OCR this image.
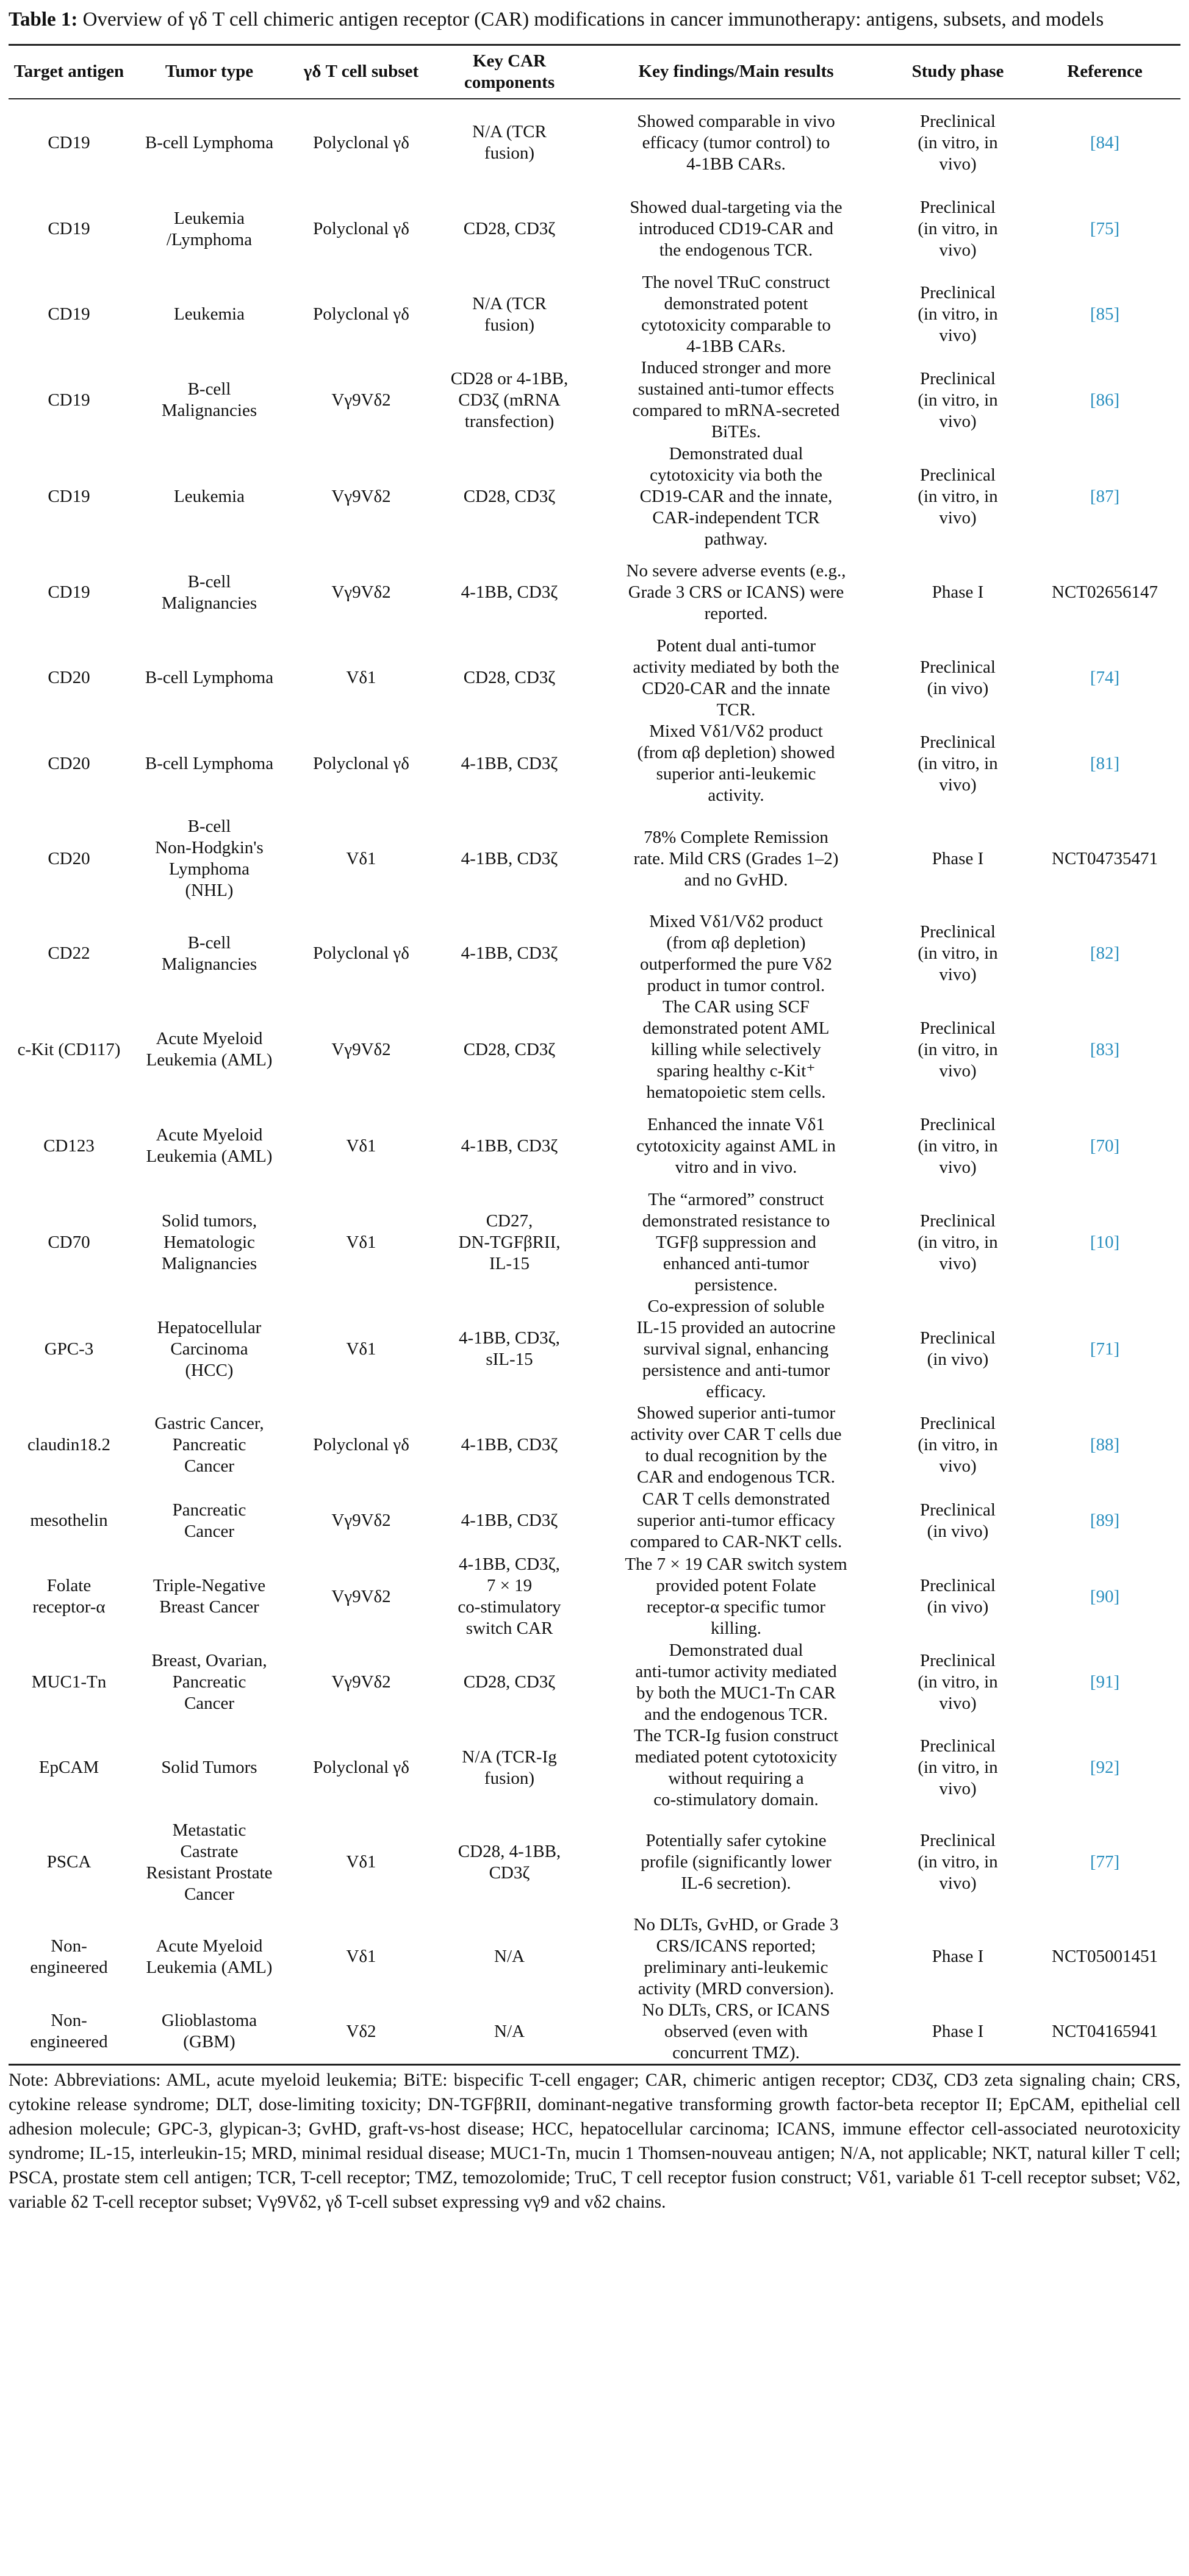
Table 1: Overview of γδ T cell chimeric antigen receptor (CAR) modifications in cancer immunotherapy: antigens, subsets, and models

Target antigen	Tumor type	γδ T cell subset	Key CAR components	Key findings/Main results	Study phase	Reference
CD19	B-cell Lymphoma	Polyclonal γδ	N/A (TCR
fusion)	Showed comparable in vivo
efficacy (tumor control) to
4-1BB CARs.	Preclinical
(in vitro, in
vivo)	[84]
CD19	Leukemia
/Lymphoma	Polyclonal γδ	CD28, CD3ζ	Showed dual-targeting via the
introduced CD19-CAR and
the endogenous TCR.	Preclinical
(in vitro, in
vivo)	[75]
CD19	Leukemia	Polyclonal γδ	N/A (TCR
fusion)	The novel TRuC construct
demonstrated potent
cytotoxicity comparable to
4-1BB CARs.	Preclinical
(in vitro, in
vivo)	[85]
CD19	B-cell
Malignancies	Vγ9Vδ2	CD28 or 4-1BB,
CD3ζ (mRNA
transfection)	Induced stronger and more
sustained anti-tumor effects
compared to mRNA-secreted
BiTEs.	Preclinical
(in vitro, in
vivo)	[86]
CD19	Leukemia	Vγ9Vδ2	CD28, CD3ζ	Demonstrated dual
cytotoxicity via both the
CD19-CAR and the innate,
CAR-independent TCR
pathway.	Preclinical
(in vitro, in
vivo)	[87]
CD19	B-cell
Malignancies	Vγ9Vδ2	4-1BB, CD3ζ	No severe adverse events (e.g.,
Grade 3 CRS or ICANS) were
reported.	Phase I	NCT02656147
CD20	B-cell Lymphoma	Vδ1	CD28, CD3ζ	Potent dual anti-tumor
activity mediated by both the
CD20-CAR and the innate
TCR.	Preclinical
(in vivo)	[74]
CD20	B-cell Lymphoma	Polyclonal γδ	4-1BB, CD3ζ	Mixed Vδ1/Vδ2 product
(from αβ depletion) showed
superior anti-leukemic
activity.	Preclinical
(in vitro, in
vivo)	[81]
CD20	B-cell
Non-Hodgkin's
Lymphoma
(NHL)	Vδ1	4-1BB, CD3ζ	78% Complete Remission
rate. Mild CRS (Grades 1–2)
and no GvHD.	Phase I	NCT04735471
CD22	B-cell
Malignancies	Polyclonal γδ	4-1BB, CD3ζ	Mixed Vδ1/Vδ2 product
(from αβ depletion)
outperformed the pure Vδ2
product in tumor control.	Preclinical
(in vitro, in
vivo)	[82]
c-Kit (CD117)	Acute Myeloid
Leukemia (AML)	Vγ9Vδ2	CD28, CD3ζ	The CAR using SCF
demonstrated potent AML
killing while selectively
sparing healthy c-Kit⁺
hematopoietic stem cells.	Preclinical
(in vitro, in
vivo)	[83]
CD123	Acute Myeloid
Leukemia (AML)	Vδ1	4-1BB, CD3ζ	Enhanced the innate Vδ1
cytotoxicity against AML in
vitro and in vivo.	Preclinical
(in vitro, in
vivo)	[70]
CD70	Solid tumors,
Hematologic
Malignancies	Vδ1	CD27,
DN-TGFβRII,
IL-15	The “armored” construct
demonstrated resistance to
TGFβ suppression and
enhanced anti-tumor
persistence.	Preclinical
(in vitro, in
vivo)	[10]
GPC-3	Hepatocellular
Carcinoma
(HCC)	Vδ1	4-1BB, CD3ζ,
sIL-15	Co-expression of soluble
IL-15 provided an autocrine
survival signal, enhancing
persistence and anti-tumor
efficacy.	Preclinical
(in vivo)	[71]
claudin18.2	Gastric Cancer,
Pancreatic
Cancer	Polyclonal γδ	4-1BB, CD3ζ	Showed superior anti-tumor
activity over CAR T cells due
to dual recognition by the
CAR and endogenous TCR.	Preclinical
(in vitro, in
vivo)	[88]
mesothelin	Pancreatic
Cancer	Vγ9Vδ2	4-1BB, CD3ζ	CAR T cells demonstrated
superior anti-tumor efficacy
compared to CAR-NKT cells.	Preclinical
(in vivo)	[89]
Folate
receptor-α	Triple-Negative
Breast Cancer	Vγ9Vδ2	4-1BB, CD3ζ,
7 × 19
co-stimulatory
switch CAR	The 7 × 19 CAR switch system
provided potent Folate
receptor-α specific tumor
killing.	Preclinical
(in vivo)	[90]
MUC1-Tn	Breast, Ovarian,
Pancreatic
Cancer	Vγ9Vδ2	CD28, CD3ζ	Demonstrated dual
anti-tumor activity mediated
by both the MUC1-Tn CAR
and the endogenous TCR.	Preclinical
(in vitro, in
vivo)	[91]
EpCAM	Solid Tumors	Polyclonal γδ	N/A (TCR-Ig
fusion)	The TCR-Ig fusion construct
mediated potent cytotoxicity
without requiring a
co-stimulatory domain.	Preclinical
(in vitro, in
vivo)	[92]
PSCA	Metastatic
Castrate
Resistant Prostate
Cancer	Vδ1	CD28, 4-1BB,
CD3ζ	Potentially safer cytokine
profile (significantly lower
IL-6 secretion).	Preclinical
(in vitro, in
vivo)	[77]
Non-
engineered	Acute Myeloid
Leukemia (AML)	Vδ1	N/A	No DLTs, GvHD, or Grade 3
CRS/ICANS reported;
preliminary anti-leukemic
activity (MRD conversion).	Phase I	NCT05001451
Non-
engineered	Glioblastoma
(GBM)	Vδ2	N/A	No DLTs, CRS, or ICANS
observed (even with
concurrent TMZ).	Phase I	NCT04165941

Note: Abbreviations: AML, acute myeloid leukemia; BiTE: bispecific T-cell engager; CAR, chimeric antigen receptor; CD3ζ, CD3 zeta signaling chain; CRS, cytokine release syndrome; DLT, dose-limiting toxicity; DN-TGFβRII, dominant-negative transforming growth factor-beta receptor II; EpCAM, epithelial cell adhesion molecule; GPC-3, glypican-3; GvHD, graft-vs-host disease; HCC, hepatocellular carcinoma; ICANS, immune effector cell-associated neurotoxicity syndrome; IL-15, interleukin-15; MRD, minimal residual disease; MUC1-Tn, mucin 1 Thomsen-nouveau antigen; N/A, not applicable; NKT, natural killer T cell; PSCA, prostate stem cell antigen; TCR, T-cell receptor; TMZ, temozolomide; TruC, T cell receptor fusion construct; Vδ1, variable δ1 T-cell receptor subset; Vδ2, variable δ2 T-cell receptor subset; Vγ9Vδ2, γδ T-cell subset expressing vγ9 and vδ2 chains.
